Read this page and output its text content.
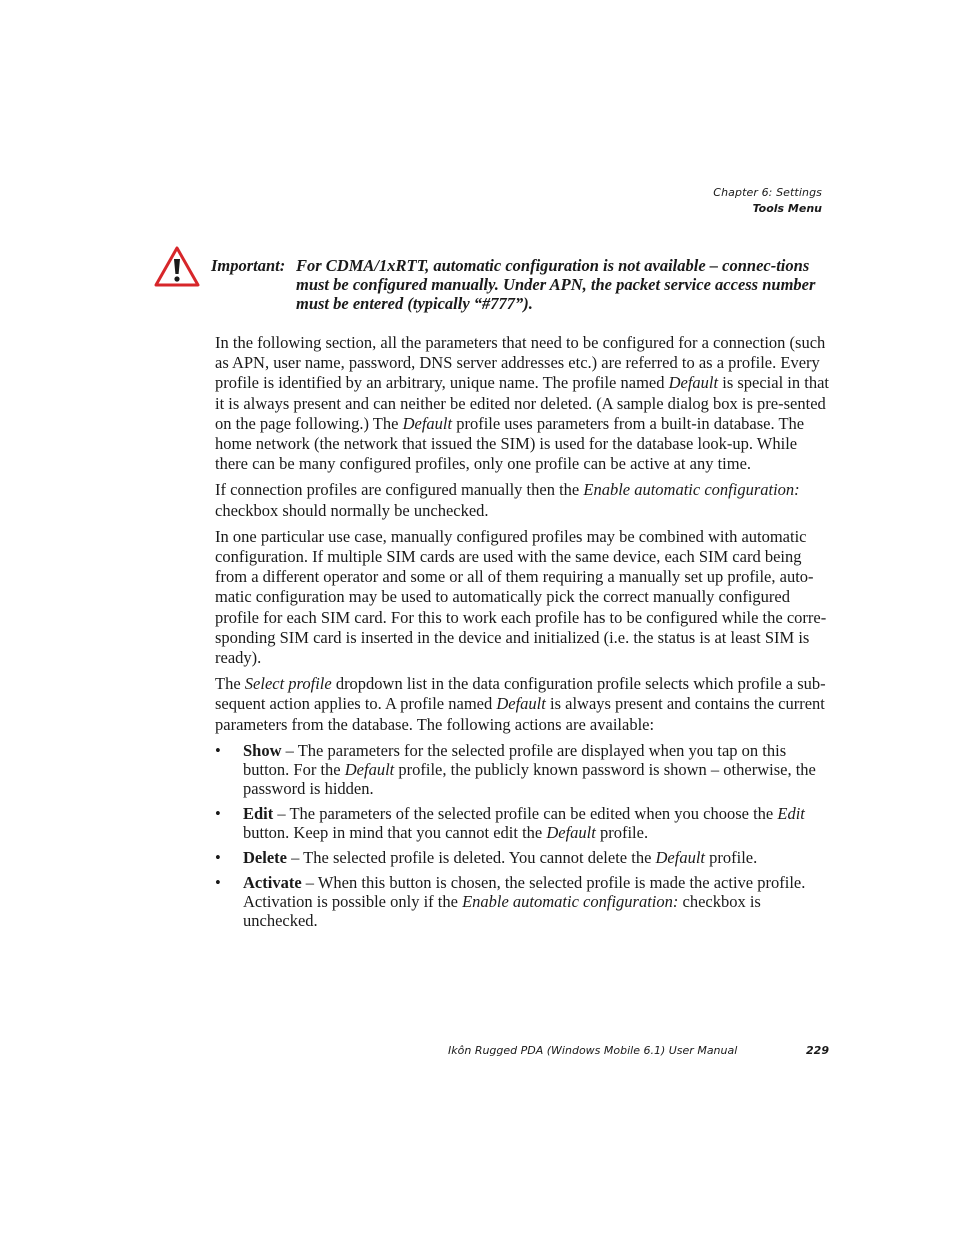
Chapter 6: Settings
Tools Menu
Important: For CDMA/1xRTT, automatic configuration is not available – connec-tions must be configured manually. Under APN, the packet service access number must be entered (typically “#777”).

In the following section, all the parameters that need to be configured for a connection (such as APN, user name, password, DNS server addresses etc.) are referred to as a profile. Every profile is identified by an arbitrary, unique name. The profile named Default is special in that it is always present and can neither be edited nor deleted. (A sample dialog box is pre-sented on the page following.) The Default profile uses parameters from a built-in database. The home network (the network that issued the SIM) is used for the database look-up. While there can be many configured profiles, only one profile can be active at any time.

If connection profiles are configured manually then the Enable automatic configuration: checkbox should normally be unchecked.

In one particular use case, manually configured profiles may be combined with automatic configuration. If multiple SIM cards are used with the same device, each SIM card being from a different operator and some or all of them requiring a manually set up profile, auto-matic configuration may be used to automatically pick the correct manually configured profile for each SIM card. For this to work each profile has to be configured while the corre-sponding SIM card is inserted in the device and initialized (i.e. the status is at least SIM is ready).

The Select profile dropdown list in the data configuration profile selects which profile a sub-sequent action applies to. A profile named Default is always present and contains the current parameters from the database. The following actions are available:

• Show – The parameters for the selected profile are displayed when you tap on this button. For the Default profile, the publicly known password is shown – otherwise, the password is hidden.
• Edit – The parameters of the selected profile can be edited when you choose the Edit button. Keep in mind that you cannot edit the Default profile.
• Delete – The selected profile is deleted. You cannot delete the Default profile.
• Activate – When this button is chosen, the selected profile is made the active profile. Activation is possible only if the Enable automatic configuration: checkbox is unchecked.
Ikôn Rugged PDA (Windows Mobile 6.1) User Manual	229
